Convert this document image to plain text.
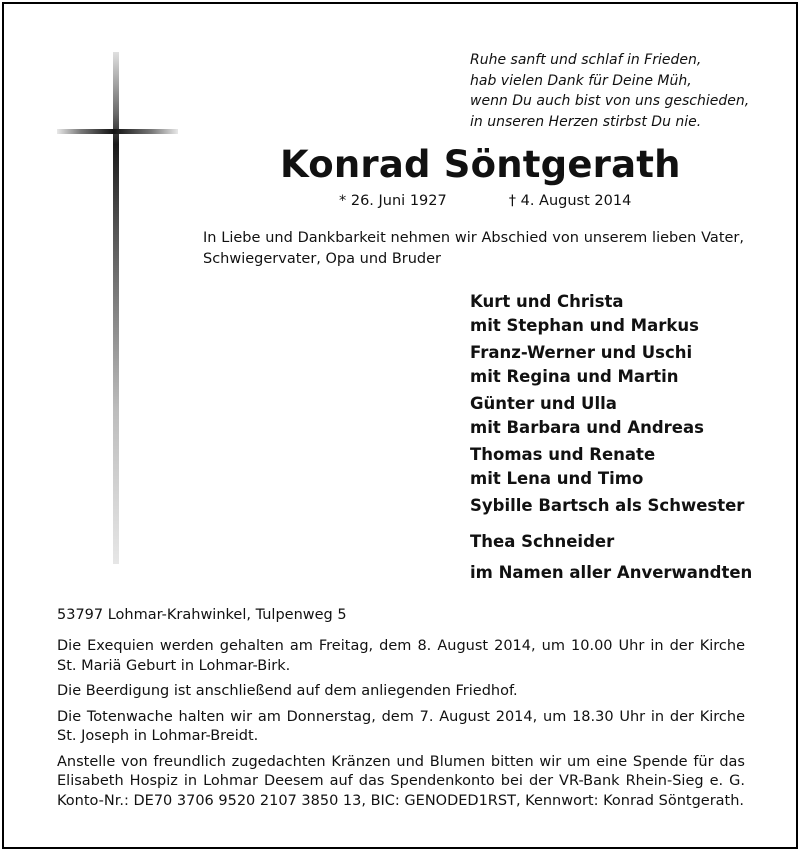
Ruhe sanft und schlaf in Frieden,
hab vielen Dank für Deine Müh,
wenn Du auch bist von uns geschieden,
in unseren Herzen stirbst Du nie.
Konrad Söntgerath
* 26. Juni 1927	† 4. August 2014
In Liebe und Dankbarkeit nehmen wir Abschied von unserem lieben Vater, Schwiegervater, Opa und Bruder
Kurt und Christa
mit Stephan und Markus
Franz-Werner und Uschi
mit Regina und Martin
Günter und Ulla
mit Barbara und Andreas
Thomas und Renate
mit Lena und Timo
Sybille Bartsch als Schwester
Thea Schneider
im Namen aller Anverwandten
53797 Lohmar-Krahwinkel, Tulpenweg 5

Die Exequien werden gehalten am Freitag, dem 8. August 2014, um 10.00 Uhr in der Kirche St. Mariä Geburt in Lohmar-Birk.

Die Beerdigung ist anschließend auf dem anliegenden Friedhof.

Die Totenwache halten wir am Donnerstag, dem 7. August 2014, um 18.30 Uhr in der Kirche St. Joseph in Lohmar-Breidt.

Anstelle von freundlich zugedachten Kränzen und Blumen bitten wir um eine Spende für das Elisabeth Hospiz in Lohmar Deesem auf das Spendenkonto bei der VR-Bank Rhein-Sieg e. G. Konto-Nr.: DE70 3706 9520 2107 3850 13, BIC: GENODED1RST, Kennwort: Konrad Söntgerath.
